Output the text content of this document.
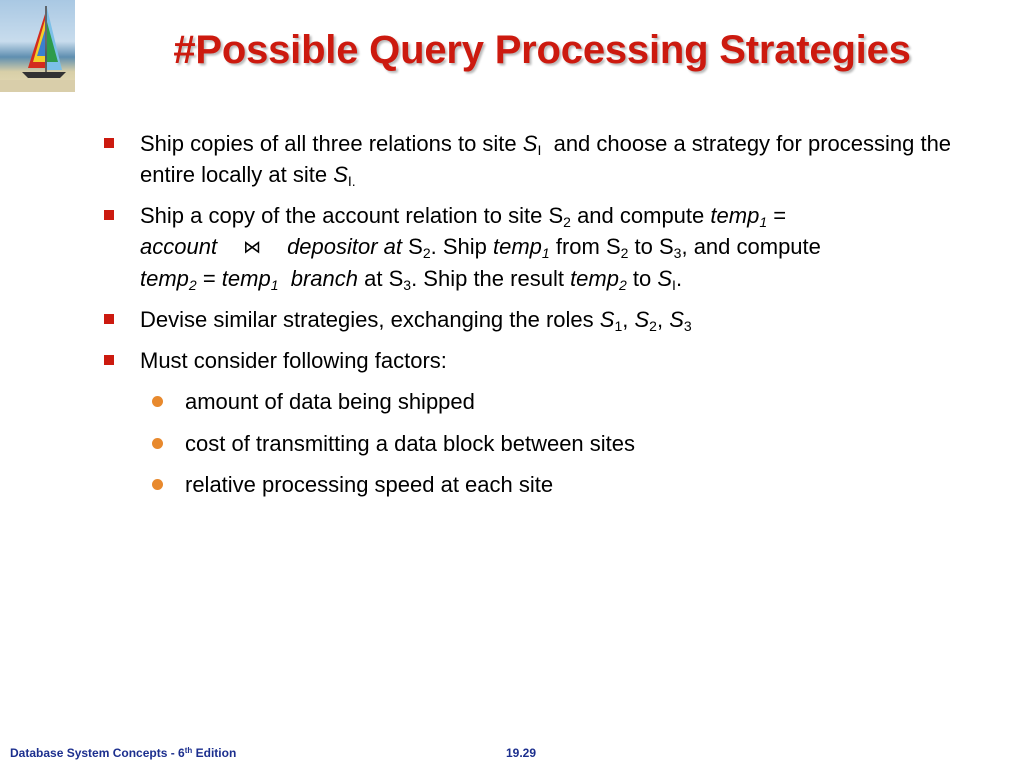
#Possible Query Processing Strategies
Ship copies of all three relations to site $S_I$ and choose a strategy for processing the entire locally at site $S_{I.}$
Ship a copy of the account relation to site $S_2$ and compute temp$_1$ =
account ⋈ depositor at $S_2$. Ship temp$_1$ from $S_2$ to $S_3$, and compute
temp$_2$ = temp$_1$ branch at $S_3$. Ship the result temp$_2$ to $S_I$.
Devise similar strategies, exchanging the roles $S_1$, $S_2$, $S_3$
Must consider following factors:
amount of data being shipped
cost of transmitting a data block between sites
relative processing speed at each site
Database System Concepts - 6th Edition	19.29
